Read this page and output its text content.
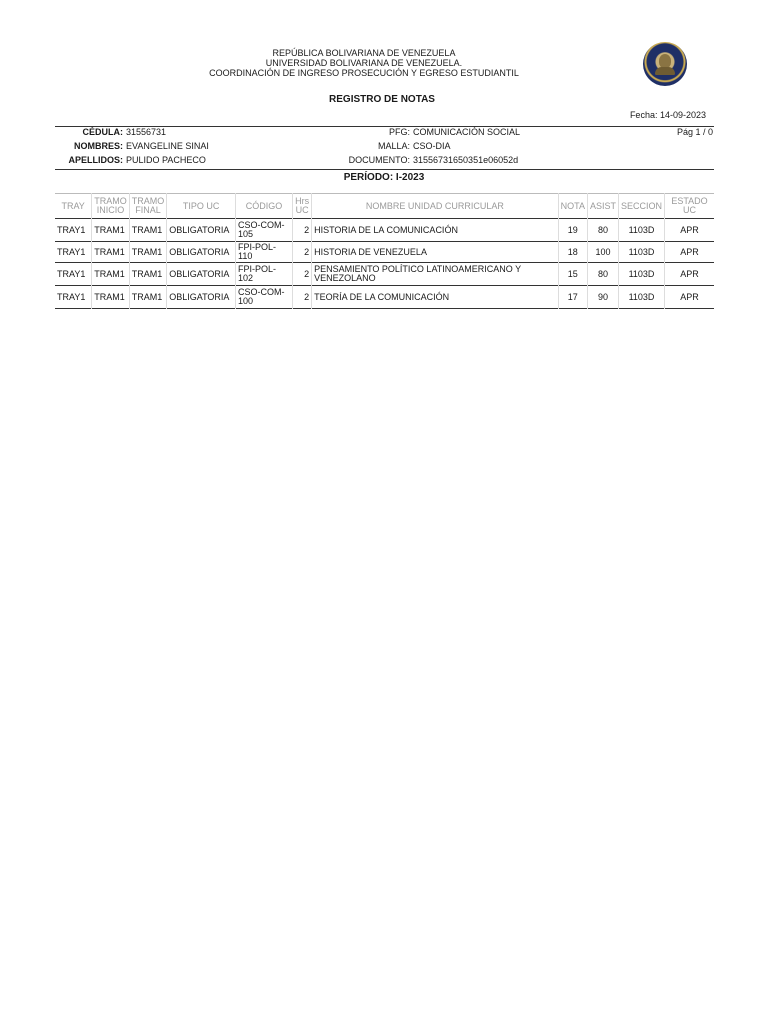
REPÚBLICA BOLIVARIANA DE VENEZUELA
UNIVERSIDAD BOLIVARIANA DE VENEZUELA.
COORDINACIÓN DE INGRESO PROSECUCIÓN Y EGRESO ESTUDIANTIL
REGISTRO DE NOTAS
Fecha: 14-09-2023
CÉDULA: 31556731
NOMBRES: EVANGELINE SINAI
APELLIDOS: PULIDO PACHECO
PFG: COMUNICACIÓN SOCIAL
MALLA: CSO-DIA
DOCUMENTO: 31556731650351e06052d
Pág 1 / 0
PERÍODO: I-2023
TRAY	TRAMO INICIO	TRAMO FINAL	TIPO UC	CÓDIGO	Hrs UC	NOMBRE UNIDAD CURRICULAR	NOTA	ASIST	SECCION	ESTADO UC
TRAY1	TRAM1	TRAM1	OBLIGATORIA	CSO-COM-105	2	HISTORIA DE LA COMUNICACIÓN	19	80	1103D	APR
TRAY1	TRAM1	TRAM1	OBLIGATORIA	FPI-POL-110	2	HISTORIA DE VENEZUELA	18	100	1103D	APR
TRAY1	TRAM1	TRAM1	OBLIGATORIA	FPI-POL-102	2	PENSAMIENTO POLÍTICO LATINOAMERICANO Y VENEZOLANO	15	80	1103D	APR
TRAY1	TRAM1	TRAM1	OBLIGATORIA	CSO-COM-100	2	TEORÍA DE LA COMUNICACIÓN	17	90	1103D	APR
